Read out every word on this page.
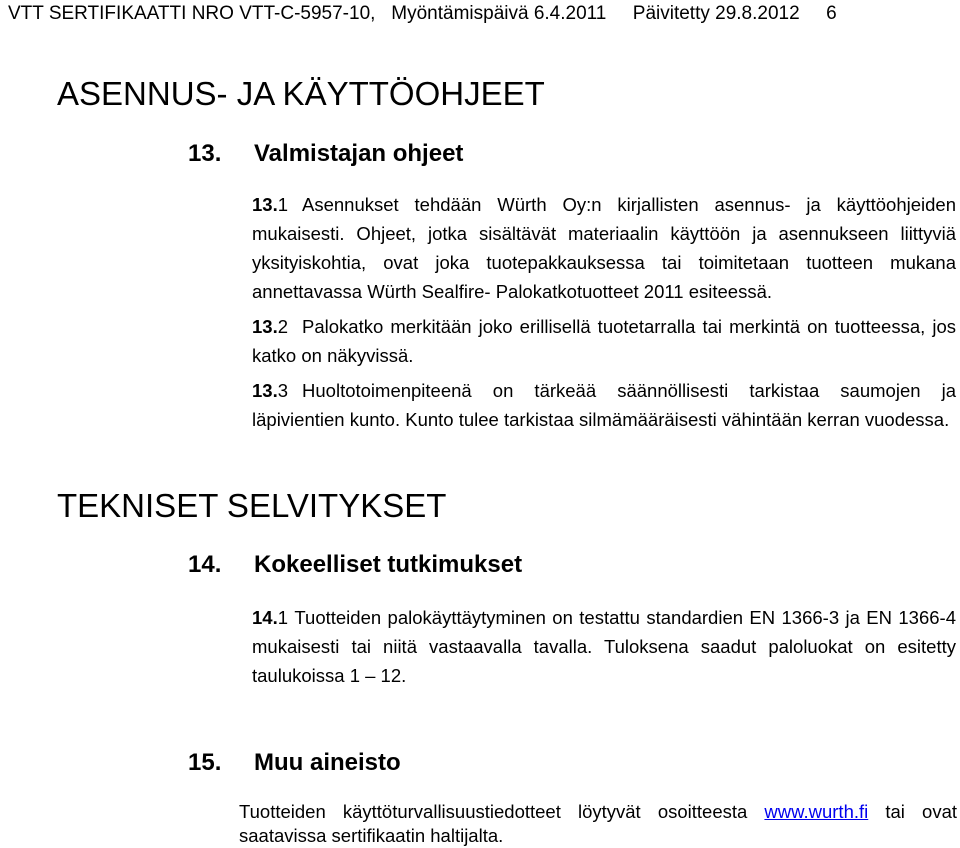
VTT SERTIFIKAATTI NRO VTT-C-5957-10, Myöntämispäivä 6.4.2011 Päivitetty 29.8.2012 6
ASENNUS- JA KÄYTTÖOHJEET
13. Valmistajan ohjeet

13.1 Asennukset tehdään Würth Oy:n kirjallisten asennus- ja käyttöohjeiden mukaisesti. Ohjeet, jotka sisältävät materiaalin käyttöön ja asennukseen liittyviä yksityiskohtia, ovat joka tuotepakkauksessa tai toimitetaan tuotteen mukana annettavassa Würth Sealfire- Palokatkotuotteet 2011 esiteessä.

13.2 Palokatko merkitään joko erillisellä tuotetarralla tai merkintä on tuotteessa, jos katko on näkyvissä.

13.3 Huoltotoimenpiteenä on tärkeää säännöllisesti tarkistaa saumojen ja läpivientien kunto. Kunto tulee tarkistaa silmämääräisesti vähintään kerran vuodessa.

TEKNISET SELVITYKSET
14. Kokeelliset tutkimukset

14.1 Tuotteiden palokäyttäytyminen on testattu standardien EN 1366-3 ja EN 1366-4 mukaisesti tai niitä vastaavalla tavalla. Tuloksena saadut paloluokat on esitetty taulukoissa 1 – 12.

15. Muu aineisto

Tuotteiden käyttöturvallisuustiedotteet löytyvät osoitteesta www.wurth.fi tai ovat saatavissa sertifikaatin haltijalta.
